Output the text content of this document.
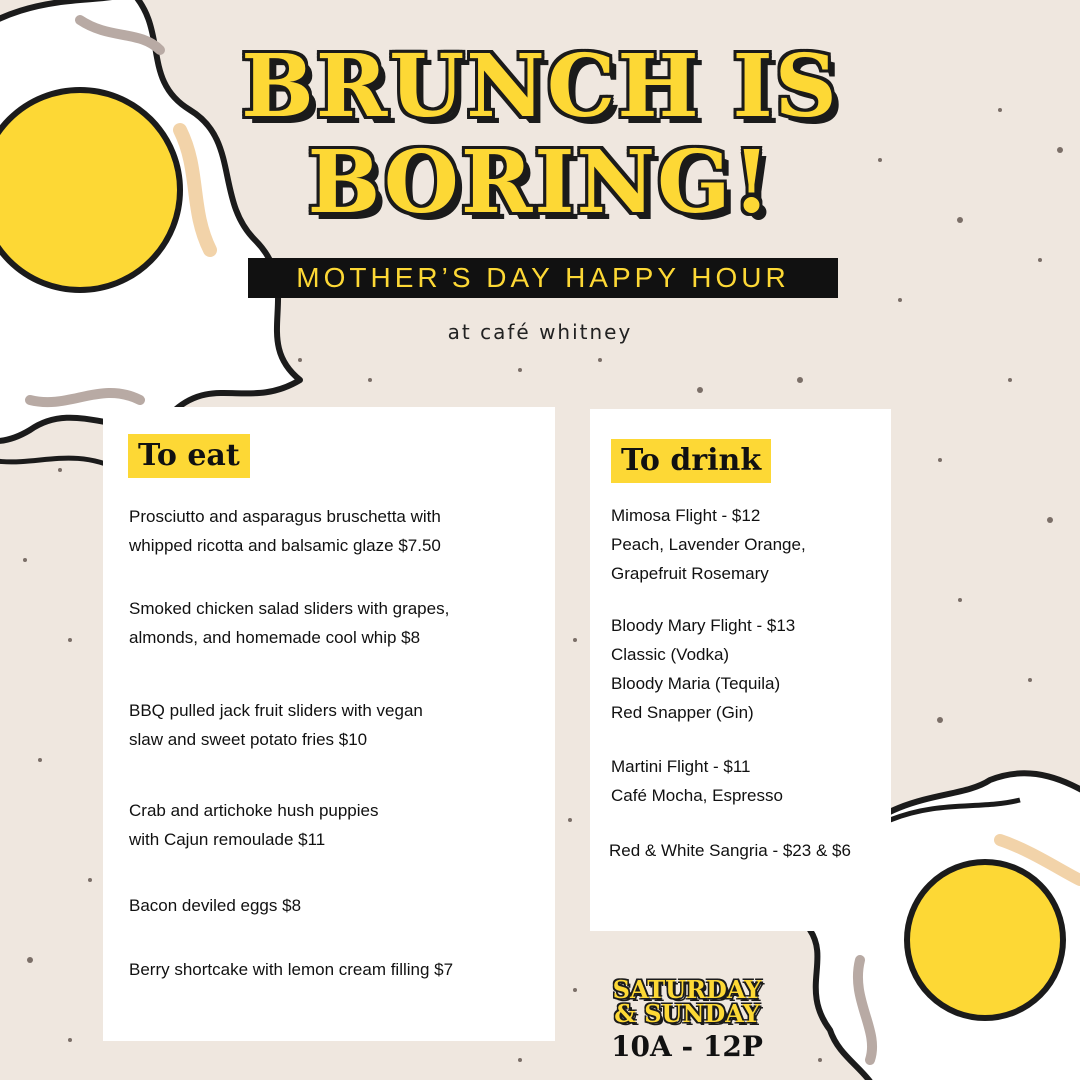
BRUNCH IS
BORING!
MOTHER’S DAY HAPPY HOUR
at café whitney
To eat
Prosciutto and asparagus bruschetta with
whipped ricotta and balsamic glaze $7.50
Smoked chicken salad sliders with grapes,
almonds, and homemade cool whip $8
BBQ pulled jack fruit sliders with vegan
slaw and sweet potato fries $10
Crab and artichoke hush puppies
with Cajun remoulade $11
Bacon deviled eggs $8
Berry shortcake with lemon cream filling $7
To drink
Mimosa Flight - $12
Peach, Lavender Orange,
Grapefruit Rosemary
Bloody Mary Flight - $13
Classic (Vodka)
Bloody Maria (Tequila)
Red Snapper (Gin)
Martini Flight - $11
Café Mocha, Espresso
Red & White Sangria - $23 & $6
SATURDAY
& SUNDAY
10A - 12P
